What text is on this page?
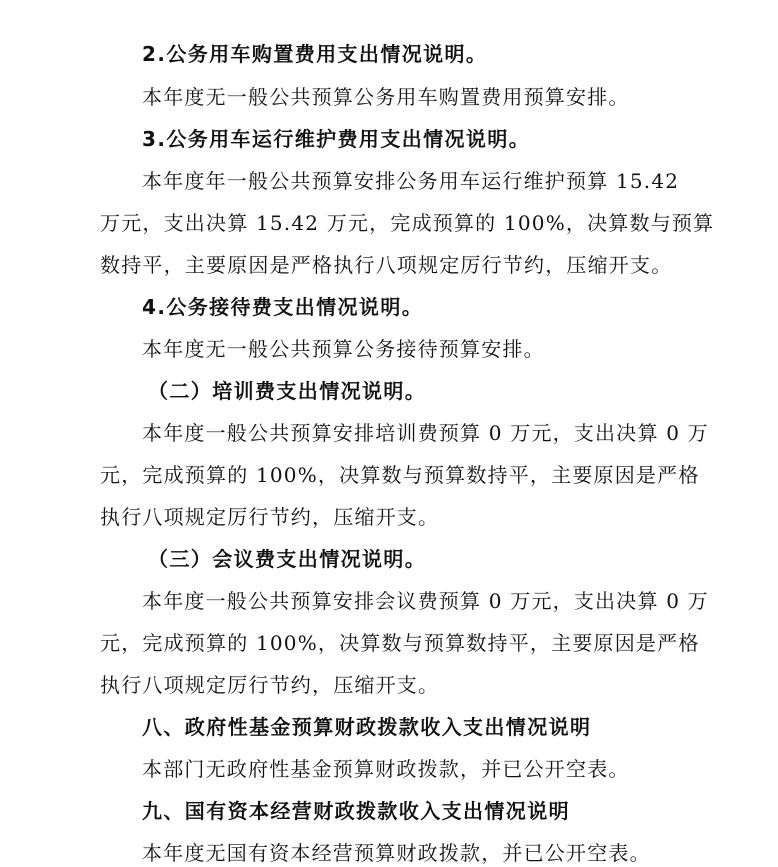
2.公务用车购置费用支出情况说明。
本年度无一般公共预算公务用车购置费用预算安排。
3.公务用车运行维护费用支出情况说明。
本年度年一般公共预算安排公务用车运行维护预算 15.42
万元，支出决算 15.42 万元，完成预算的 100%，决算数与预算
数持平，主要原因是严格执行八项规定厉行节约，压缩开支。
4.公务接待费支出情况说明。
本年度无一般公共预算公务接待预算安排。
（二）培训费支出情况说明。
本年度一般公共预算安排培训费预算 0 万元，支出决算 0 万
元，完成预算的 100%，决算数与预算数持平，主要原因是严格
执行八项规定厉行节约，压缩开支。
（三）会议费支出情况说明。
本年度一般公共预算安排会议费预算 0 万元，支出决算 0 万
元，完成预算的 100%，决算数与预算数持平，主要原因是严格
执行八项规定厉行节约，压缩开支。
八、政府性基金预算财政拨款收入支出情况说明
本部门无政府性基金预算财政拨款，并已公开空表。
九、国有资本经营财政拨款收入支出情况说明
本年度无国有资本经营预算财政拨款，并已公开空表。
